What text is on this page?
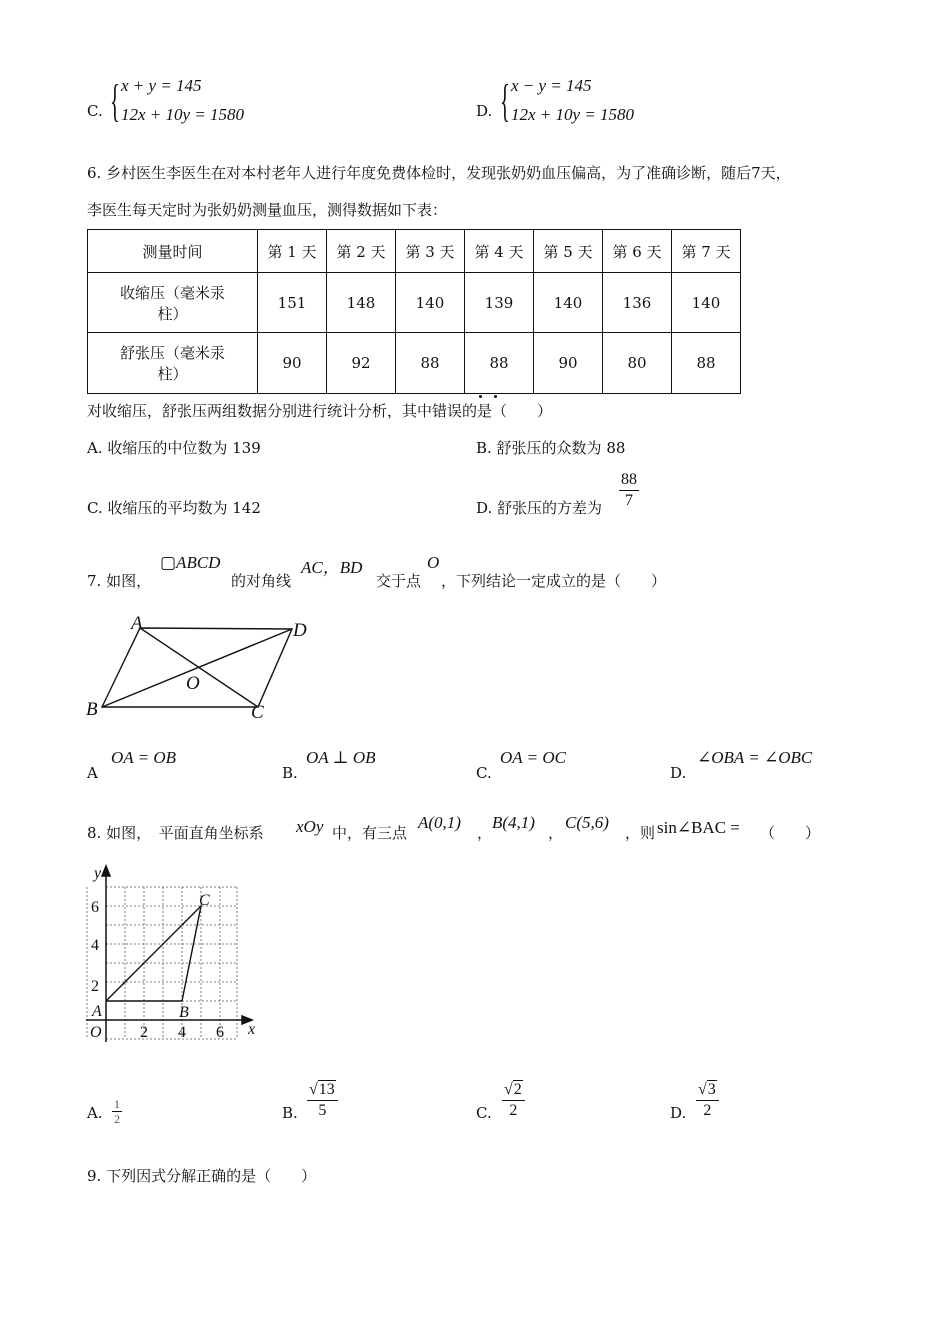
C. { x + y = 145
12x + 10y = 1580	D. { x − y = 145
12x + 10y = 1580
6. 乡村医生李医生在对本村老年人进行年度免费体检时，发现张奶奶血压偏高，为了准确诊断，随后7天，
李医生每天定时为张奶奶测量血压，测得数据如下表：
测量时间	第 1 天	第 2 天	第 3 天	第 4 天	第 5 天	第 6 天	第 7 天

收缩压（毫米汞
柱）	151	148	140	139	140	136	140

舒张压（毫米汞
柱）	90	92	88	88	90	80	88
对收缩压，舒张压两组数据分别进行统计分析，其中错误的是（　　）
A. 收缩压的中位数为 139	B. 舒张压的众数为 88
C. 收缩压的平均数为 142	D. 舒张压的方差为 $\frac{88}{7}$
7. 如图，
▢ABCD
的对角线
AC，BD
交于点
O
，下列结论一定成立的是（　　）
A	D
B	C
O
A
OA = OB
B.
OA ⊥ OB
C.
OA = OC
D.
∠OBA = ∠OBC
8. 如图，　平面直角坐标系 xOy 中，有三点
A(0,1)
，
B(4,1)
，
C(5,6)
，则 sin∠BAC = （　　）
y
x
O
6
4
2
2 4 6
A	B
C
A. $\frac{1}{2}$	B. $\frac{√13}{5}$	C. $\frac{√2}{2}$	D. $\frac{√3}{2}$
9. 下列因式分解正确的是（　　）
